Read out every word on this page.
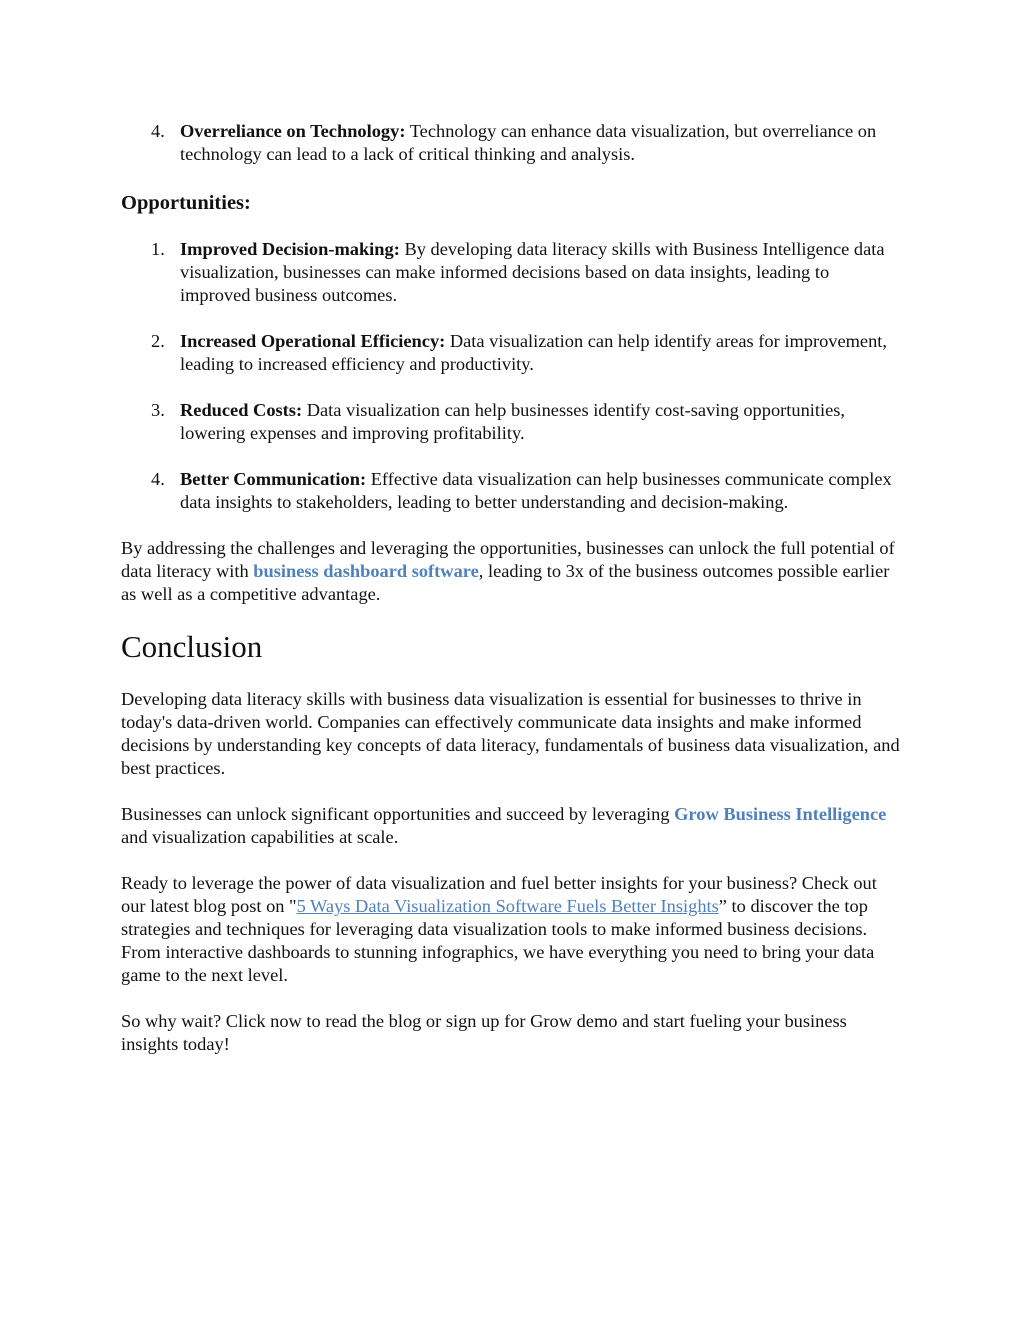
4. Overreliance on Technology: Technology can enhance data visualization, but overreliance on technology can lead to a lack of critical thinking and analysis.
Opportunities:
1. Improved Decision-making: By developing data literacy skills with Business Intelligence data visualization, businesses can make informed decisions based on data insights, leading to improved business outcomes.
2. Increased Operational Efficiency: Data visualization can help identify areas for improvement, leading to increased efficiency and productivity.
3. Reduced Costs: Data visualization can help businesses identify cost-saving opportunities, lowering expenses and improving profitability.
4. Better Communication: Effective data visualization can help businesses communicate complex data insights to stakeholders, leading to better understanding and decision-making.

By addressing the challenges and leveraging the opportunities, businesses can unlock the full potential of data literacy with business dashboard software, leading to 3x of the business outcomes possible earlier as well as a competitive advantage.

Conclusion

Developing data literacy skills with business data visualization is essential for businesses to thrive in today's data-driven world. Companies can effectively communicate data insights and make informed decisions by understanding key concepts of data literacy, fundamentals of business data visualization, and best practices.

Businesses can unlock significant opportunities and succeed by leveraging Grow Business Intelligence and visualization capabilities at scale.

Ready to leverage the power of data visualization and fuel better insights for your business? Check out our latest blog post on "5 Ways Data Visualization Software Fuels Better Insights” to discover the top strategies and techniques for leveraging data visualization tools to make informed business decisions. From interactive dashboards to stunning infographics, we have everything you need to bring your data game to the next level.

So why wait? Click now to read the blog or sign up for Grow demo and start fueling your business insights today!
